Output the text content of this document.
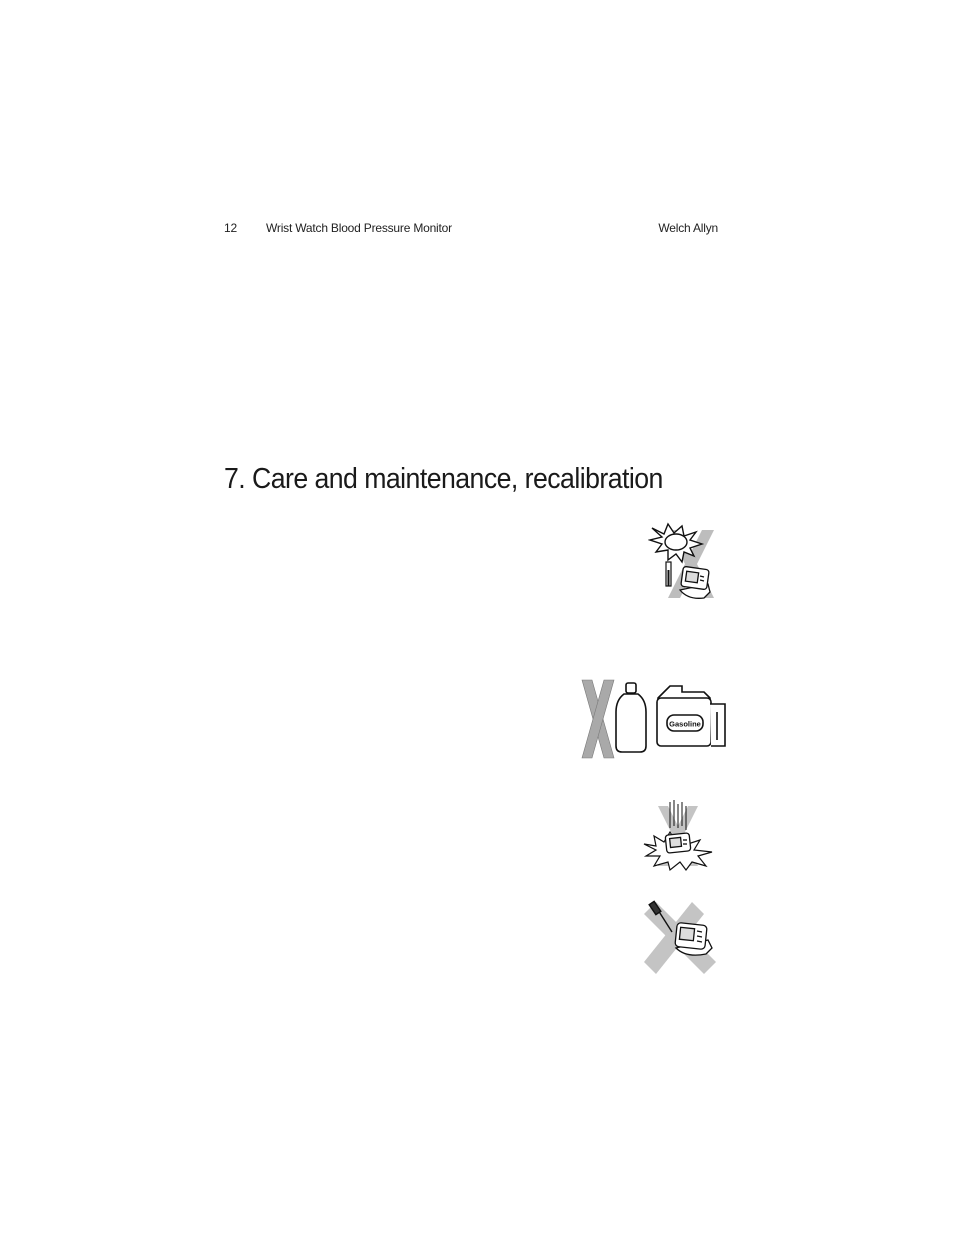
12 Wrist Watch Blood Pressure Monitor	Welch Allyn
7. Care and maintenance, recalibration
Gasoline
